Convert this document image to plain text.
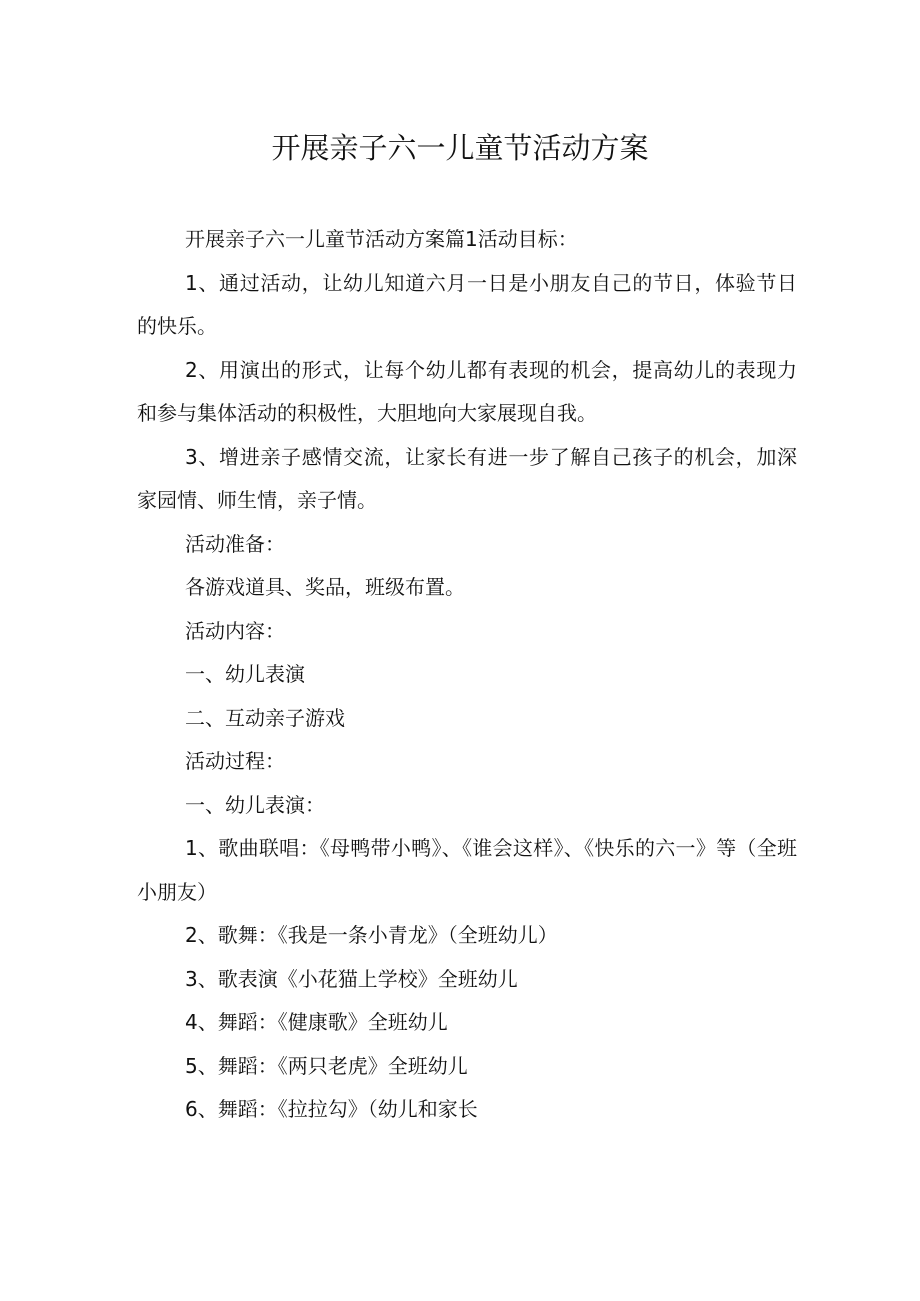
开展亲子六一儿童节活动方案

开展亲子六一儿童节活动方案篇1活动目标：

1、通过活动，让幼儿知道六月一日是小朋友自己的节日，体验节日的快乐。

2、用演出的形式，让每个幼儿都有表现的机会，提高幼儿的表现力和参与集体活动的积极性，大胆地向大家展现自我。

3、增进亲子感情交流，让家长有进一步了解自己孩子的机会，加深家园情、师生情，亲子情。

活动准备：

各游戏道具、奖品，班级布置。

活动内容：

一、幼儿表演

二、互动亲子游戏

活动过程：

一、幼儿表演：

1、歌曲联唱：《母鸭带小鸭》、《谁会这样》、《快乐的六一》等（全班小朋友）

2、歌舞：《我是一条小青龙》（全班幼儿）

3、歌表演《小花猫上学校》全班幼儿

4、舞蹈：《健康歌》全班幼儿

5、舞蹈：《两只老虎》全班幼儿

6、舞蹈：《拉拉勾》（幼儿和家长
